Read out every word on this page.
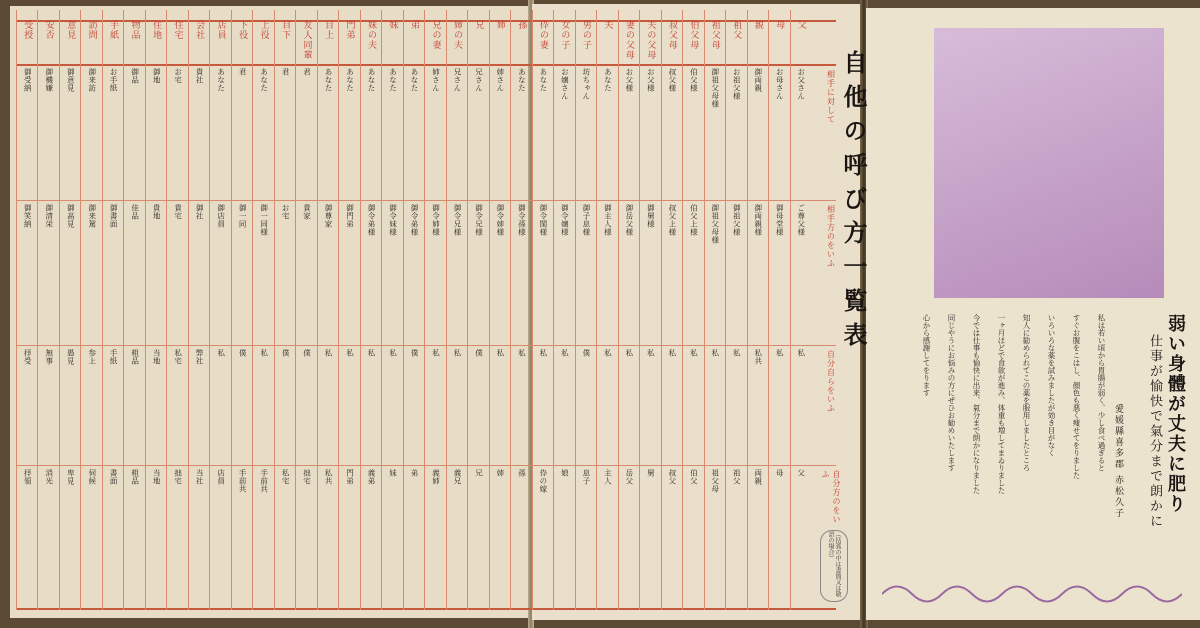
相手に対して
相手方のをいふ
自分自らをいふ
自分方のをいふ
（括弧の中は書簡又は敬語の場合）
父
お父さん
ご尊父様
私
父
母
お母さん
御母堂様
私
母
親
御両親
御両親様
私共
両親
祖父
お祖父様
御祖父様
私
祖父
祖父母
御祖父母様
御祖父母様
私
祖父母
伯父母
伯父様
伯父上様
私
伯父
叔父母
叔父様
叔父上様
私
叔父
夫の父母
お父様
御舅様
私
舅
妻の父母
お父様
御岳父様
私
岳父
夫
あなた
御主人様
私
主人
男の子
坊ちゃん
御子息様
僕
息子
女の子
お嬢さん
御令嬢様
私
娘
伜の妻
あなた
御令閨様
私
伜の嫁
孫
あなた
御令孫様
私
孫
姉
姉さん
御令姉様
私
姉
兄
兄さん
御令兄様
僕
兄
姉の夫
兄さん
御令兄様
私
義兄
兄の妻
姉さん
御令姉様
私
義姉
弟
あなた
御令弟様
僕
弟
妹
あなた
御令妹様
私
妹
妹の夫
あなた
御令弟様
私
義弟
門弟
あなた
御門弟
私
門弟
目上
あなた
御尊家
私
私共
友人同輩
君
貴家
僕
拙宅
目下
君
お宅
僕
私宅
上役
あなた
御一同様
私
手前共
下役
君
御一同
僕
手前共
店員
あなた
御店員
私
店員
会社
貴社
御社
弊社
当社
住宅
お宅
貴宅
私宅
拙宅
住地
御地
貴地
当地
当地
物品
御品
佳品
粗品
粗品
手紙
お手紙
御書面
手紙
書面
訪問
御来訪
御来駕
参上
伺候
意見
御意見
御高見
愚見
卑見
安否
御機嫌
御清栄
無事
消光
受授
御受納
御笑納
拝受
拝領
自他の呼び方一覧表
弱い身體が丈夫に肥り
仕事が愉快で氣分まで朗かに
愛媛縣喜多郡 赤松久子
私は若い頃から胃腸が弱く、少し食べ過ぎると
すぐお腹をこはし、顔色も悪く痩せてをりました
いろいろな薬を試みましたが効き目がなく
知人に勧められてこの薬を服用しましたところ
一ヶ月ほどで食欲が進み、体重も増してまゐりました
今では仕事も愉快に出来、氣分まで朗かになりました
同じやうにお悩みの方にぜひお勧めいたします
心から感謝してをります
